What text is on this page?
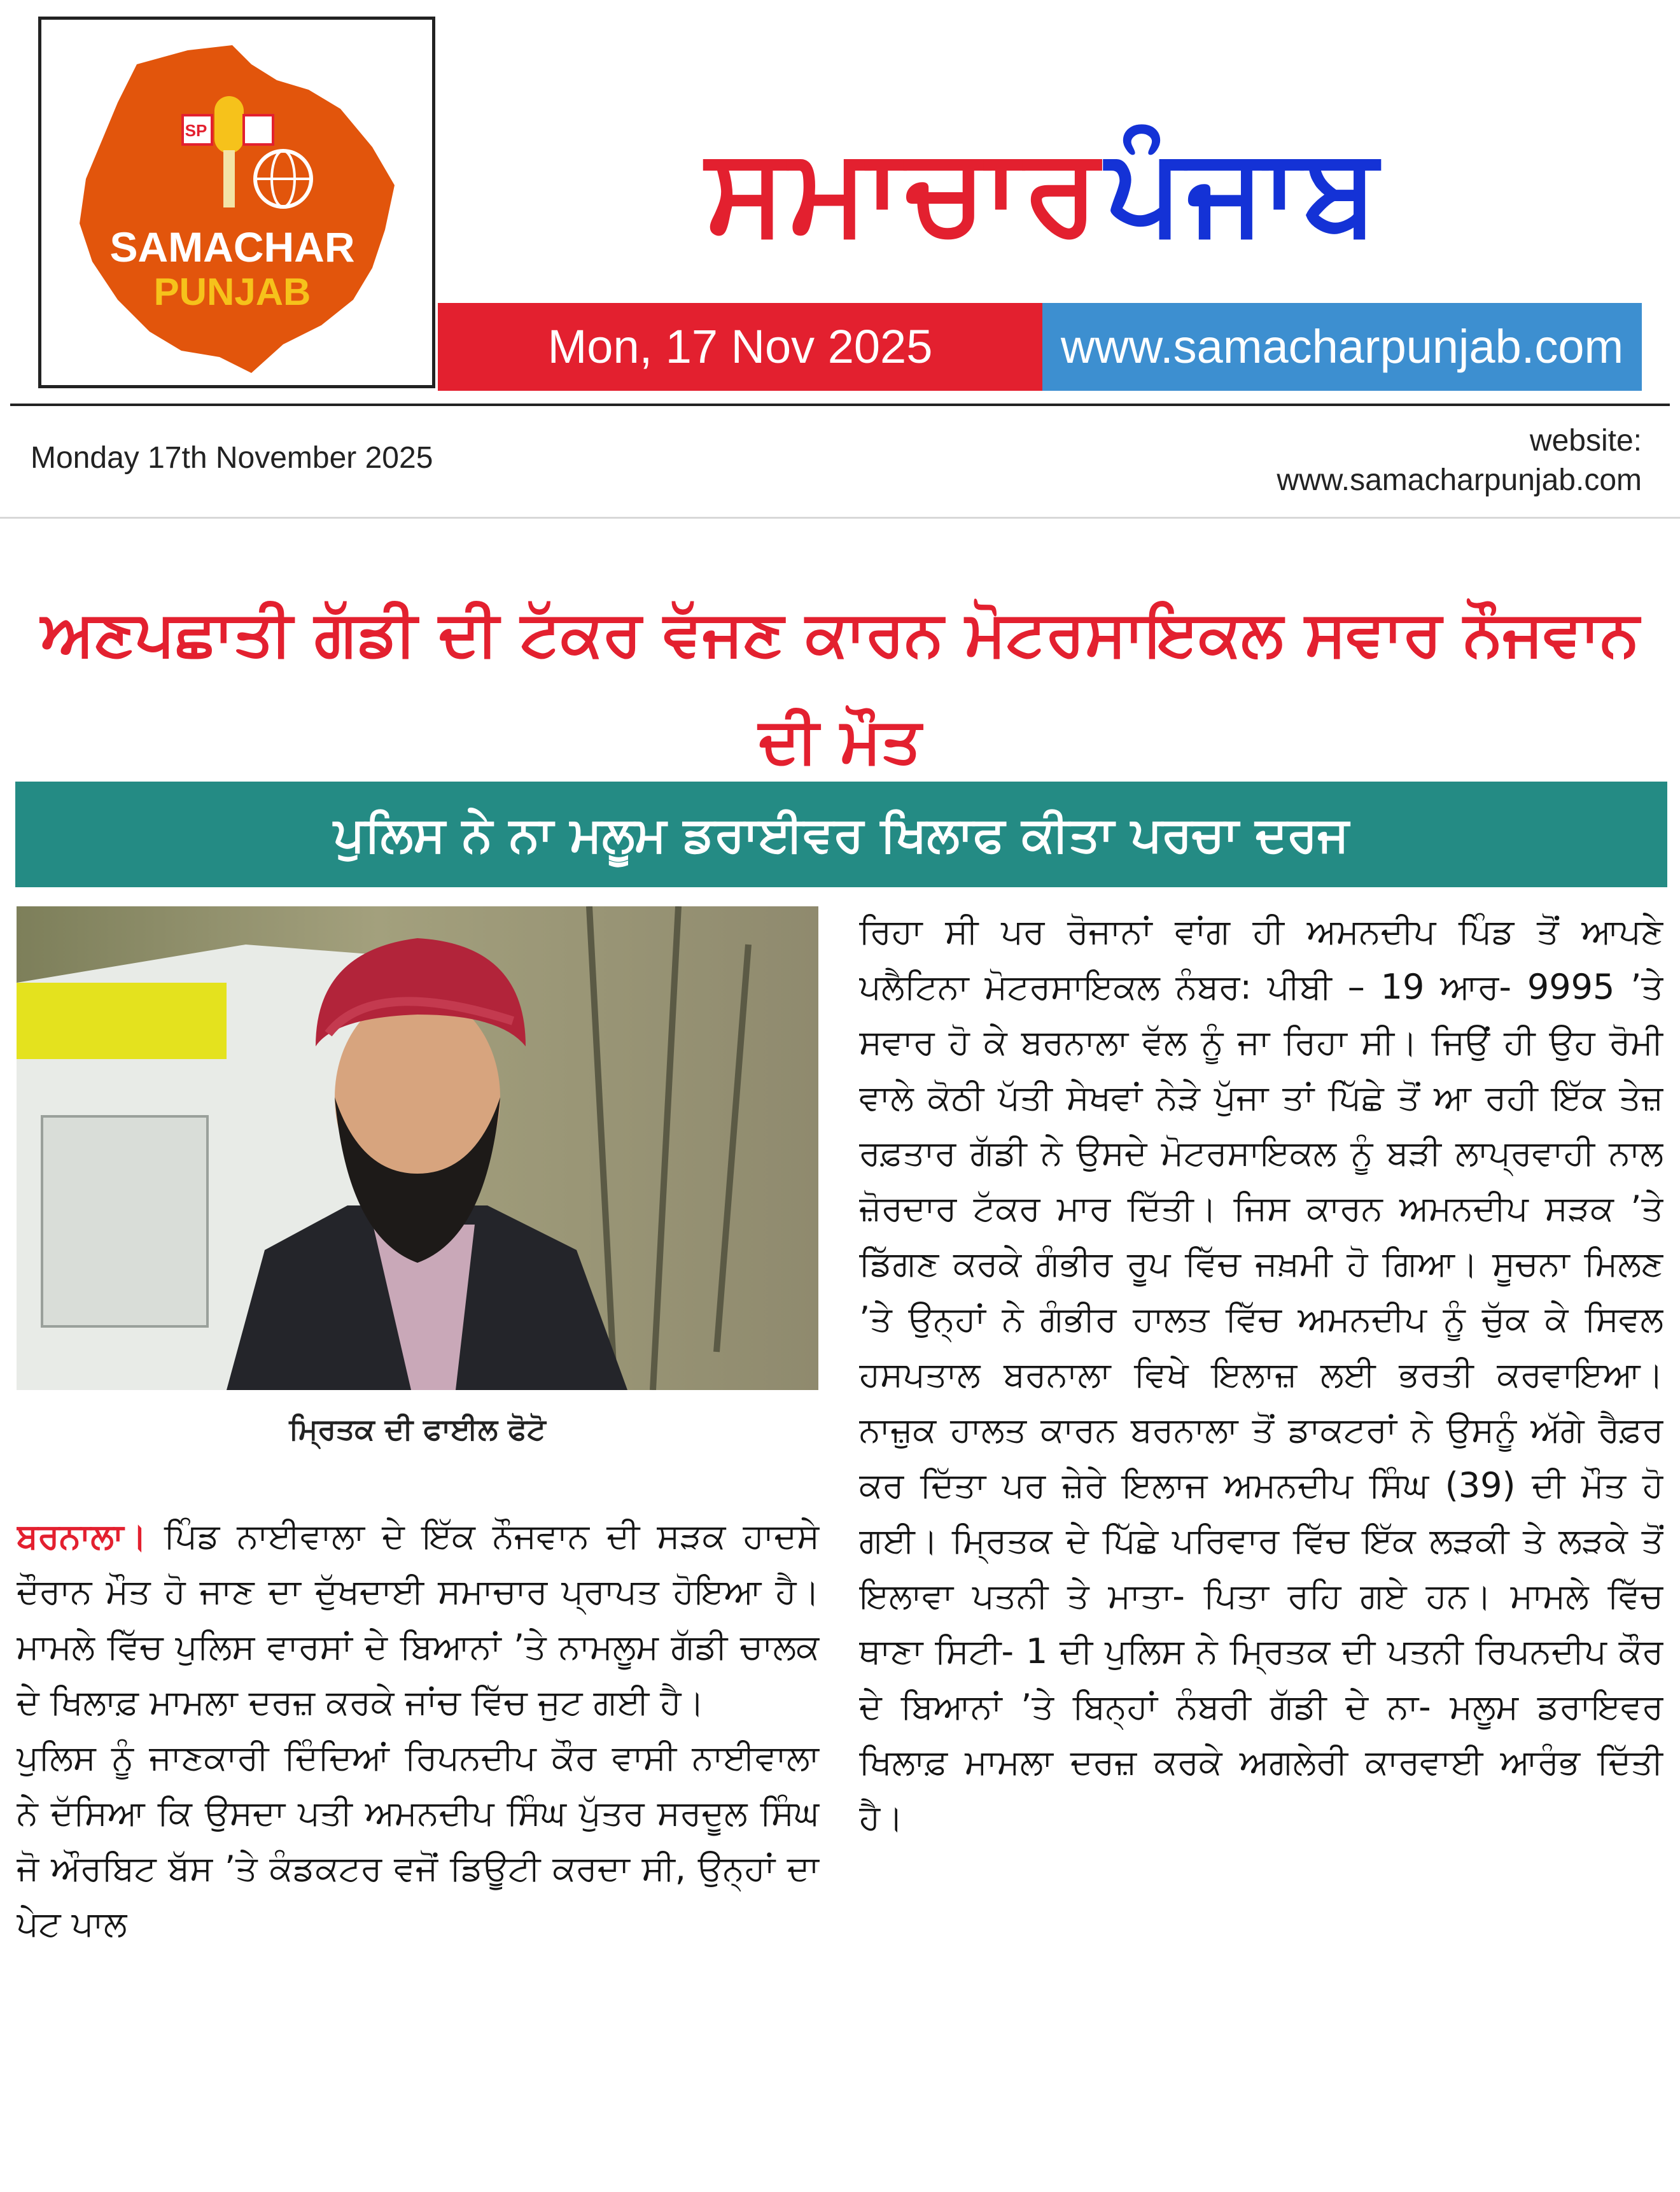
SP
SAMACHAR
PUNJAB
ਸਮਾਚਾਰ ਪੰਜਾਬ
Mon, 17 Nov 2025	www.samacharpunjab.com
Monday 17th November 2025
website:
www.samacharpunjab.com
ਅਣਪਛਾਤੀ ਗੱਡੀ ਦੀ ਟੱਕਰ ਵੱਜਣ ਕਾਰਨ ਮੋਟਰਸਾਇਕਲ ਸਵਾਰ ਨੌਜਵਾਨ ਦੀ ਮੌਤ
ਪੁਲਿਸ ਨੇ ਨਾ ਮਲੂਮ ਡਰਾਈਵਰ ਖਿਲਾਫ ਕੀਤਾ ਪਰਚਾ ਦਰਜ
ਮ੍ਰਿਤਕ ਦੀ ਫਾਈਲ ਫੋਟੋ

ਬਰਨਾਲਾ। ਪਿੰਡ ਨਾਈਵਾਲਾ ਦੇ ਇੱਕ ਨੌਜਵਾਨ ਦੀ ਸੜਕ ਹਾਦਸੇ ਦੌਰਾਨ ਮੌਤ ਹੋ ਜਾਣ ਦਾ ਦੁੱਖਦਾਈ ਸਮਾਚਾਰ ਪ੍ਰਾਪਤ ਹੋਇਆ ਹੈ। ਮਾਮਲੇ ਵਿੱਚ ਪੁਲਿਸ ਵਾਰਸਾਂ ਦੇ ਬਿਆਨਾਂ ’ਤੇ ਨਾਮਲੂਮ ਗੱਡੀ ਚਾਲਕ ਦੇ ਖਿਲਾਫ਼ ਮਾਮਲਾ ਦਰਜ਼ ਕਰਕੇ ਜਾਂਚ ਵਿੱਚ ਜੁਟ ਗਈ ਹੈ।

ਪੁਲਿਸ ਨੂੰ ਜਾਣਕਾਰੀ ਦਿੰਦਿਆਂ ਰਿਪਨਦੀਪ ਕੌਰ ਵਾਸੀ ਨਾਈਵਾਲਾ ਨੇ ਦੱਸਿਆ ਕਿ ਉਸਦਾ ਪਤੀ ਅਮਨਦੀਪ ਸਿੰਘ ਪੁੱਤਰ ਸਰਦੂਲ ਸਿੰਘ ਜੋ ਔਰਬਿਟ ਬੱਸ ’ਤੇ ਕੰਡਕਟਰ ਵਜੋਂ ਡਿਊਟੀ ਕਰਦਾ ਸੀ, ਉਨ੍ਹਾਂ ਦਾ ਪੇਟ ਪਾਲ

ਰਿਹਾ ਸੀ ਪਰ ਰੋਜਾਨਾਂ ਵਾਂਗ ਹੀ ਅਮਨਦੀਪ ਪਿੰਡ ਤੋਂ ਆਪਣੇ ਪਲੈਟਿਨਾ ਮੋਟਰਸਾਇਕਲ ਨੰਬਰ: ਪੀਬੀ – 19 ਆਰ- 9995 ’ਤੇ ਸਵਾਰ ਹੋ ਕੇ ਬਰਨਾਲਾ ਵੱਲ ਨੂੰ ਜਾ ਰਿਹਾ ਸੀ। ਜਿਉਂ ਹੀ ਉਹ ਰੋਮੀ ਵਾਲੇ ਕੋਠੀ ਪੱਤੀ ਸੇਖਵਾਂ ਨੇੜੇ ਪੁੱਜਾ ਤਾਂ ਪਿੱਛੇ ਤੋਂ ਆ ਰਹੀ ਇੱਕ ਤੇਜ਼ ਰਫ਼ਤਾਰ ਗੱਡੀ ਨੇ ਉਸਦੇ ਮੋਟਰਸਾਇਕਲ ਨੂੰ ਬੜੀ ਲਾਪ੍ਰਵਾਹੀ ਨਾਲ ਜ਼ੋਰਦਾਰ ਟੱਕਰ ਮਾਰ ਦਿੱਤੀ। ਜਿਸ ਕਾਰਨ ਅਮਨਦੀਪ ਸੜਕ ’ਤੇ ਡਿੱਗਣ ਕਰਕੇ ਗੰਭੀਰ ਰੂਪ ਵਿੱਚ ਜਖ਼ਮੀ ਹੋ ਗਿਆ। ਸੂਚਨਾ ਮਿਲਣ ’ਤੇ ਉਨ੍ਹਾਂ ਨੇ ਗੰਭੀਰ ਹਾਲਤ ਵਿੱਚ ਅਮਨਦੀਪ ਨੂੰ ਚੁੱਕ ਕੇ ਸਿਵਲ ਹਸਪਤਾਲ ਬਰਨਾਲਾ ਵਿਖੇ ਇਲਾਜ਼ ਲਈ ਭਰਤੀ ਕਰਵਾਇਆ। ਨਾਜ਼ੁਕ ਹਾਲਤ ਕਾਰਨ ਬਰਨਾਲਾ ਤੋਂ ਡਾਕਟਰਾਂ ਨੇ ਉਸਨੂੰ ਅੱਗੇ ਰੈਫ਼ਰ ਕਰ ਦਿੱਤਾ ਪਰ ਜ਼ੇਰੇ ਇਲਾਜ ਅਮਨਦੀਪ ਸਿੰਘ (39) ਦੀ ਮੌਤ ਹੋ ਗਈ। ਮ੍ਰਿਤਕ ਦੇ ਪਿੱਛੇ ਪਰਿਵਾਰ ਵਿੱਚ ਇੱਕ ਲੜਕੀ ਤੇ ਲੜਕੇ ਤੋਂ ਇਲਾਵਾ ਪਤਨੀ ਤੇ ਮਾਤਾ- ਪਿਤਾ ਰਹਿ ਗਏ ਹਨ। ਮਾਮਲੇ ਵਿੱਚ ਥਾਣਾ ਸਿਟੀ- 1 ਦੀ ਪੁਲਿਸ ਨੇ ਮ੍ਰਿਤਕ ਦੀ ਪਤਨੀ ਰਿਪਨਦੀਪ ਕੌਰ ਦੇ ਬਿਆਨਾਂ ’ਤੇ ਬਿਨ੍ਹਾਂ ਨੰਬਰੀ ਗੱਡੀ ਦੇ ਨਾ- ਮਲੂਮ ਡਰਾਇਵਰ ਖਿਲਾਫ਼ ਮਾਮਲਾ ਦਰਜ਼ ਕਰਕੇ ਅਗਲੇਰੀ ਕਾਰਵਾਈ ਆਰੰਭ ਦਿੱਤੀ ਹੈ।
